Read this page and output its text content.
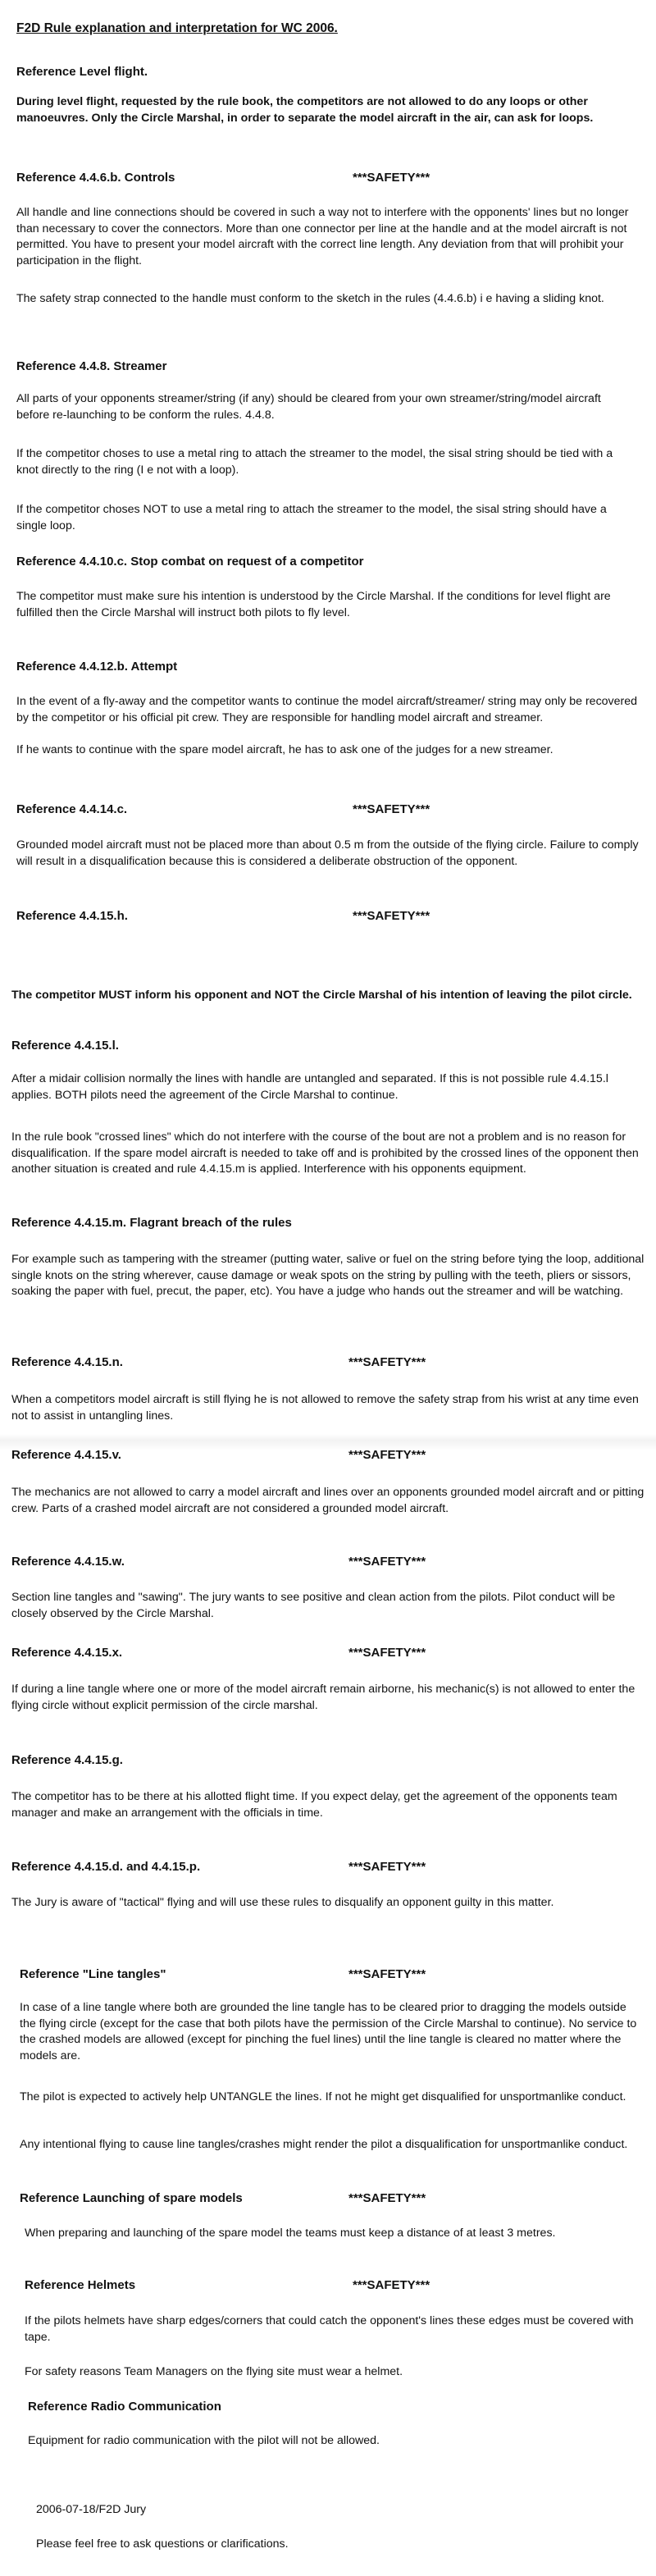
F2D Rule explanation and interpretation for WC 2006.
Reference Level flight.

During level flight, requested by the rule book, the competitors are not allowed to do any loops or other manoeuvres. Only the Circle Marshal, in order to separate the model aircraft in the air, can ask for loops.

Reference 4.4.6.b. Controls	***SAFETY***

All handle and line connections should be covered in such a way not to interfere with the opponents' lines but no longer than necessary to cover the connectors. More than one connector per line at the handle and at the model aircraft is not permitted. You have to present your model aircraft with the correct line length. Any deviation from that will prohibit your participation in the flight.

The safety strap connected to the handle must conform to the sketch in the rules (4.4.6.b) i e having a sliding knot.

Reference 4.4.8. Streamer

All parts of your opponents streamer/string (if any) should be cleared from your own streamer/string/model aircraft before re-launching to be conform the rules. 4.4.8.

If the competitor choses to use a metal ring to attach the streamer to the model, the sisal string should be tied with a knot directly to the ring (I e not with a loop).

If the competitor choses NOT to use a metal ring to attach the streamer to the model, the sisal string should have a single loop.

Reference 4.4.10.c. Stop combat on request of a competitor

The competitor must make sure his intention is understood by the Circle Marshal. If the conditions for level flight are fulfilled then the Circle Marshal will instruct both pilots to fly level.

Reference 4.4.12.b. Attempt

In the event of a fly-away and the competitor wants to continue the model aircraft/streamer/ string may only be recovered by the competitor or his official pit crew. They are responsible for handling model aircraft and streamer.

If he wants to continue with the spare model aircraft, he has to ask one of the judges for a new streamer.

Reference 4.4.14.c.	***SAFETY***

Grounded model aircraft must not be placed more than about 0.5 m from the outside of the flying circle. Failure to comply will result in a disqualification because this is considered a deliberate obstruction of the opponent.

Reference 4.4.15.h.	***SAFETY***

The competitor MUST inform his opponent and NOT the Circle Marshal of his intention of leaving the pilot circle.

Reference 4.4.15.l.

After a midair collision normally the lines with handle are untangled and separated. If this is not possible rule 4.4.15.l applies. BOTH pilots need the agreement of the Circle Marshal to continue.

In the rule book "crossed lines" which do not interfere with the course of the bout are not a problem and is no reason for disqualification. If the spare model aircraft is needed to take off and is prohibited by the crossed lines of the opponent then another situation is created and rule 4.4.15.m is applied. Interference with his opponents equipment.

Reference 4.4.15.m. Flagrant breach of the rules

For example such as tampering with the streamer (putting water, salive or fuel on the string before tying the loop, additional single knots on the string wherever, cause damage or weak spots on the string by pulling with the teeth, pliers or sissors, soaking the paper with fuel, precut, the paper, etc). You have a judge who hands out the streamer and will be watching.

Reference 4.4.15.n.	***SAFETY***

When a competitors model aircraft is still flying he is not allowed to remove the safety strap from his wrist at any time even not to assist in untangling lines.

Reference 4.4.15.v.	***SAFETY***

The mechanics are not allowed to carry a model aircraft and lines over an opponents grounded model aircraft and or pitting crew. Parts of a crashed model aircraft are not considered a grounded model aircraft.

Reference 4.4.15.w.	***SAFETY***

Section line tangles and "sawing". The jury wants to see positive and clean action from the pilots. Pilot conduct will be closely observed by the Circle Marshal.

Reference 4.4.15.x.	***SAFETY***

If during a line tangle where one or more of the model aircraft remain airborne, his mechanic(s) is not allowed to enter the flying circle without explicit permission of the circle marshal.

Reference 4.4.15.g.

The competitor has to be there at his allotted flight time. If you expect delay, get the agreement of the opponents team manager and make an arrangement with the officials in time.

Reference 4.4.15.d. and 4.4.15.p.	***SAFETY***

The Jury is aware of "tactical" flying and will use these rules to disqualify an opponent guilty in this matter.

Reference "Line tangles"	***SAFETY***

In case of a line tangle where both are grounded the line tangle has to be cleared prior to dragging the models outside the flying circle (except for the case that both pilots have the permission of the Circle Marshal to continue). No service to the crashed models are allowed (except for pinching the fuel lines) until the line tangle is cleared no matter where the models are.

The pilot is expected to actively help UNTANGLE the lines. If not he might get disqualified for unsportmanlike conduct.

Any intentional flying to cause line tangles/crashes might render the pilot a disqualification for unsportmanlike conduct.

Reference Launching of spare models	***SAFETY***

When preparing and launching of the spare model the teams must keep a distance of at least 3 metres.

Reference Helmets	***SAFETY***

If the pilots helmets have sharp edges/corners that could catch the opponent's lines these edges must be covered with tape.

For safety reasons Team Managers on the flying site must wear a helmet.

Reference Radio Communication

Equipment for radio communication with the pilot will not be allowed.

2006-07-18/F2D Jury

Please feel free to ask questions or clarifications.
